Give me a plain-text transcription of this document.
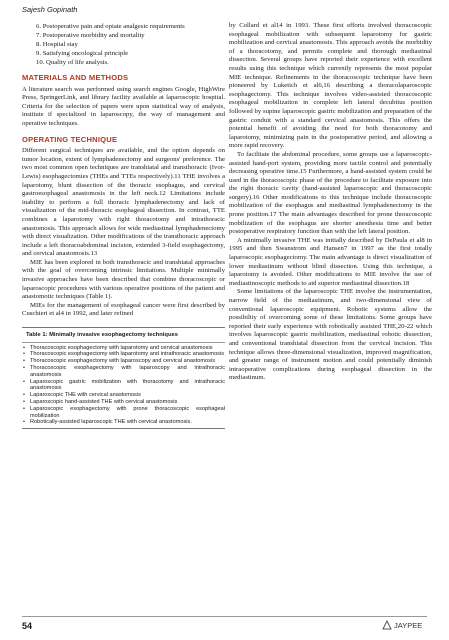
Sajesh Gopinath
6. Postoperative pain and opiate analgesic requirements
7. Postoperative morbidity and mortality
8. Hospital stay
9. Satisfying oncological principle
10. Quality of life analysis.
MATERIALS AND METHODS

A literature search was performed using search engines Google, HighWire Press, SpringerLink, and library facility available at laparoscopic hospital. Criteria for the selection of papers were upon statistical way of analysis, institute if specialized in laparoscopy, the way of management and operative techniques.

OPERATING TECHNIQUE

Different surgical techniques are available, and the option depends on tumor location, extent of lymphadenectomy and surgeons' preference. The two most common open techniques are transhiatal and transthoracic (Ivor-Lewis) esophagectomies (THEs and TTEs respectively).11 THE involves a laparotomy, blunt dissection of the thoracic esophagus, and cervical gastroesophageal anastomosis in the left neck.12 Limitations include inability to perform a full thoracic lymphadenectomy and lack of visualization of the mid-thoracic esophageal dissection. In contrast, TTE combines a laparotomy with right thoracotomy and intrathoracic anastomosis. This approach allows for wide mediastinal lymphadenectomy with direct visualization. Other modifications of the transthoracic approach include a left thoracoabdominal incision, extended 3-field esophagectomy, and cervical anastomosis.13

MIE has been explored in both transthoracic and transhiatal approaches with the goal of overcoming intrinsic limitations. Multiple minimally invasive approaches have been described that combine thoracoscopic or laparoscopic procedures with various operative positions of the patient and anastomotic techniques (Table 1).

MIEs for the management of esophageal cancer were first described by Cuschieri et al4 in 1992, and later refined

Table 1: Minimally invasive esophagectomy techniques
• Thoracoscopic esophagectomy with laparotomy and cervical anastomosis
• Thoracoscopic esophagectomy with laparotomy and intrathoracic anastomosis
• Thoracoscopic esophagectomy with laparoscopy and cervical anastomosis
• Thoracoscopic esophagectomy with laparoscopy and intrathoracic anastomosis
• Laparoscopic gastric mobilization with thoracotomy and intrathoracic anastomosis
• Laparoscopic THE with cervical anastomosis
• Laparoscopic hand-assisted THE with cervical anastomosis
• Laparoscopic esophagectomy with prone thoracoscopic esophageal mobilization
• Robotically-assisted laparoscopic THE with cervical anastomosis.

by Collard et al14 in 1993. These first efforts involved thoracoscopic esophageal mobilization with subsequent laparotomy for gastric mobilization and cervical anastomosis. This approach avoids the morbidity of a thoracotomy, and permits complete and thorough mediastinal dissection. Several groups have reported their experience with excellent results using this technique which currently represents the most popular MIE technique. Refinements in the thoracoscopic technique have been pioneered by Luketich et al6,16 describing a thoracolaparoscopic esophagectomy. This technique involves video-assisted thoracoscopic esophageal mobilization in complete left lateral decubitus position followed by supine laparoscopic gastric mobilization and preparation of the gastric conduit with a standard cervical anastomosis. This offers the potential benefit of avoiding the need for both thoracotomy and laparotomy, minimizing pain in the postoperative period, and allowing a more rapid recovery.

To facilitate the abdominal procedure, some groups use a laparoscopic-assisted hand-port system, providing more tactile control and potentially decreasing operative time.15 Furthermore, a hand-assisted system could be used in the thoracoscopic phase of the procedure to facilitate exposure into the right thoracic cavity (hand-assisted laparoscopic and thoracoscopic surgery).16 Other modifications to this technique include thoracoscopic mobilization of the esophagus and mediastinal lymphadenectomy in the prone position.17 The main advantages described for prone thoracoscopic mobilization of the esophagus are shorter anesthesia time and better postoperative respiratory function than with the left lateral position.

A minimally invasive THE was initially described by DePaula et al8 in 1995 and then Swanstrom and Hansen7 in 1997 as the first totally laparoscopic esophagectomy. The main advantage is direct visualization of lower mediastinum without blind dissection. Using this technique, a laparotomy is avoided. Other modifications to MIE involve the use of mediastinoscopic methods to aid superior mediastinal dissection.18

Some limitations of the laparoscopic THE involve the instrumentation, narrow field of the mediastinum, and two-dimensional view of conventional laparoscopic equipment. Robotic systems allow the possibility of overcoming some of these limitations. Some groups have reported their early experience with robotically assisted THE,20-22 which involves laparoscopic gastric mobilization, mediastinal robotic dissection, and conventional transhiatal dissection from the cervical incision. This technique allows three-dimensional visualization, improved magnification, and greater range of instrument motion and could potentially diminish intraoperative complications during esophageal dissection in the mediastinum.

54	JAYPEE
